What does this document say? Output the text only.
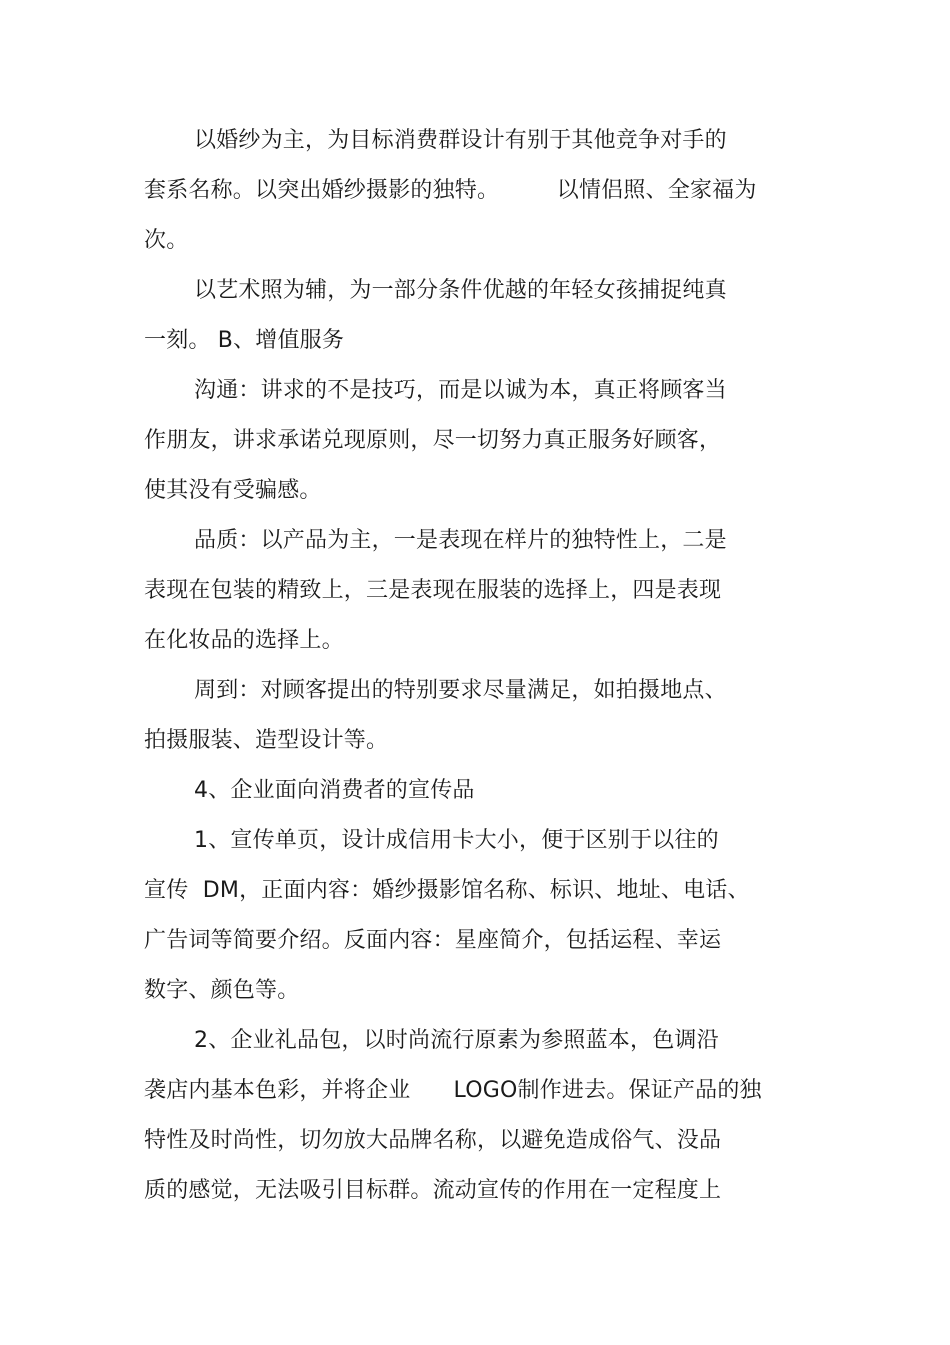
以婚纱为主，为目标消费群设计有别于其他竞争对手的
套系名称。以突出婚纱摄影的独特。        以情侣照、全家福为
次。
以艺术照为辅，为一部分条件优越的年轻女孩捕捉纯真
一刻。 B、增值服务
沟通：讲求的不是技巧，而是以诚为本，真正将顾客当
作朋友，讲求承诺兑现原则，尽一切努力真正服务好顾客，
使其没有受骗感。
品质：以产品为主，一是表现在样片的独特性上，二是
表现在包装的精致上，三是表现在服装的选择上，四是表现
在化妆品的选择上。
周到：对顾客提出的特别要求尽量满足，如拍摄地点、
拍摄服装、造型设计等。
4、企业面向消费者的宣传品
1、宣传单页，设计成信用卡大小，便于区别于以往的
宣传  DM，正面内容：婚纱摄影馆名称、标识、地址、电话、
广告词等简要介绍。反面内容：星座简介，包括运程、幸运
数字、颜色等。
2、企业礼品包，以时尚流行原素为参照蓝本，色调沿
袭店内基本色彩，并将企业      LOGO制作进去。保证产品的独
特性及时尚性，切勿放大品牌名称，以避免造成俗气、没品
质的感觉，无法吸引目标群。流动宣传的作用在一定程度上
